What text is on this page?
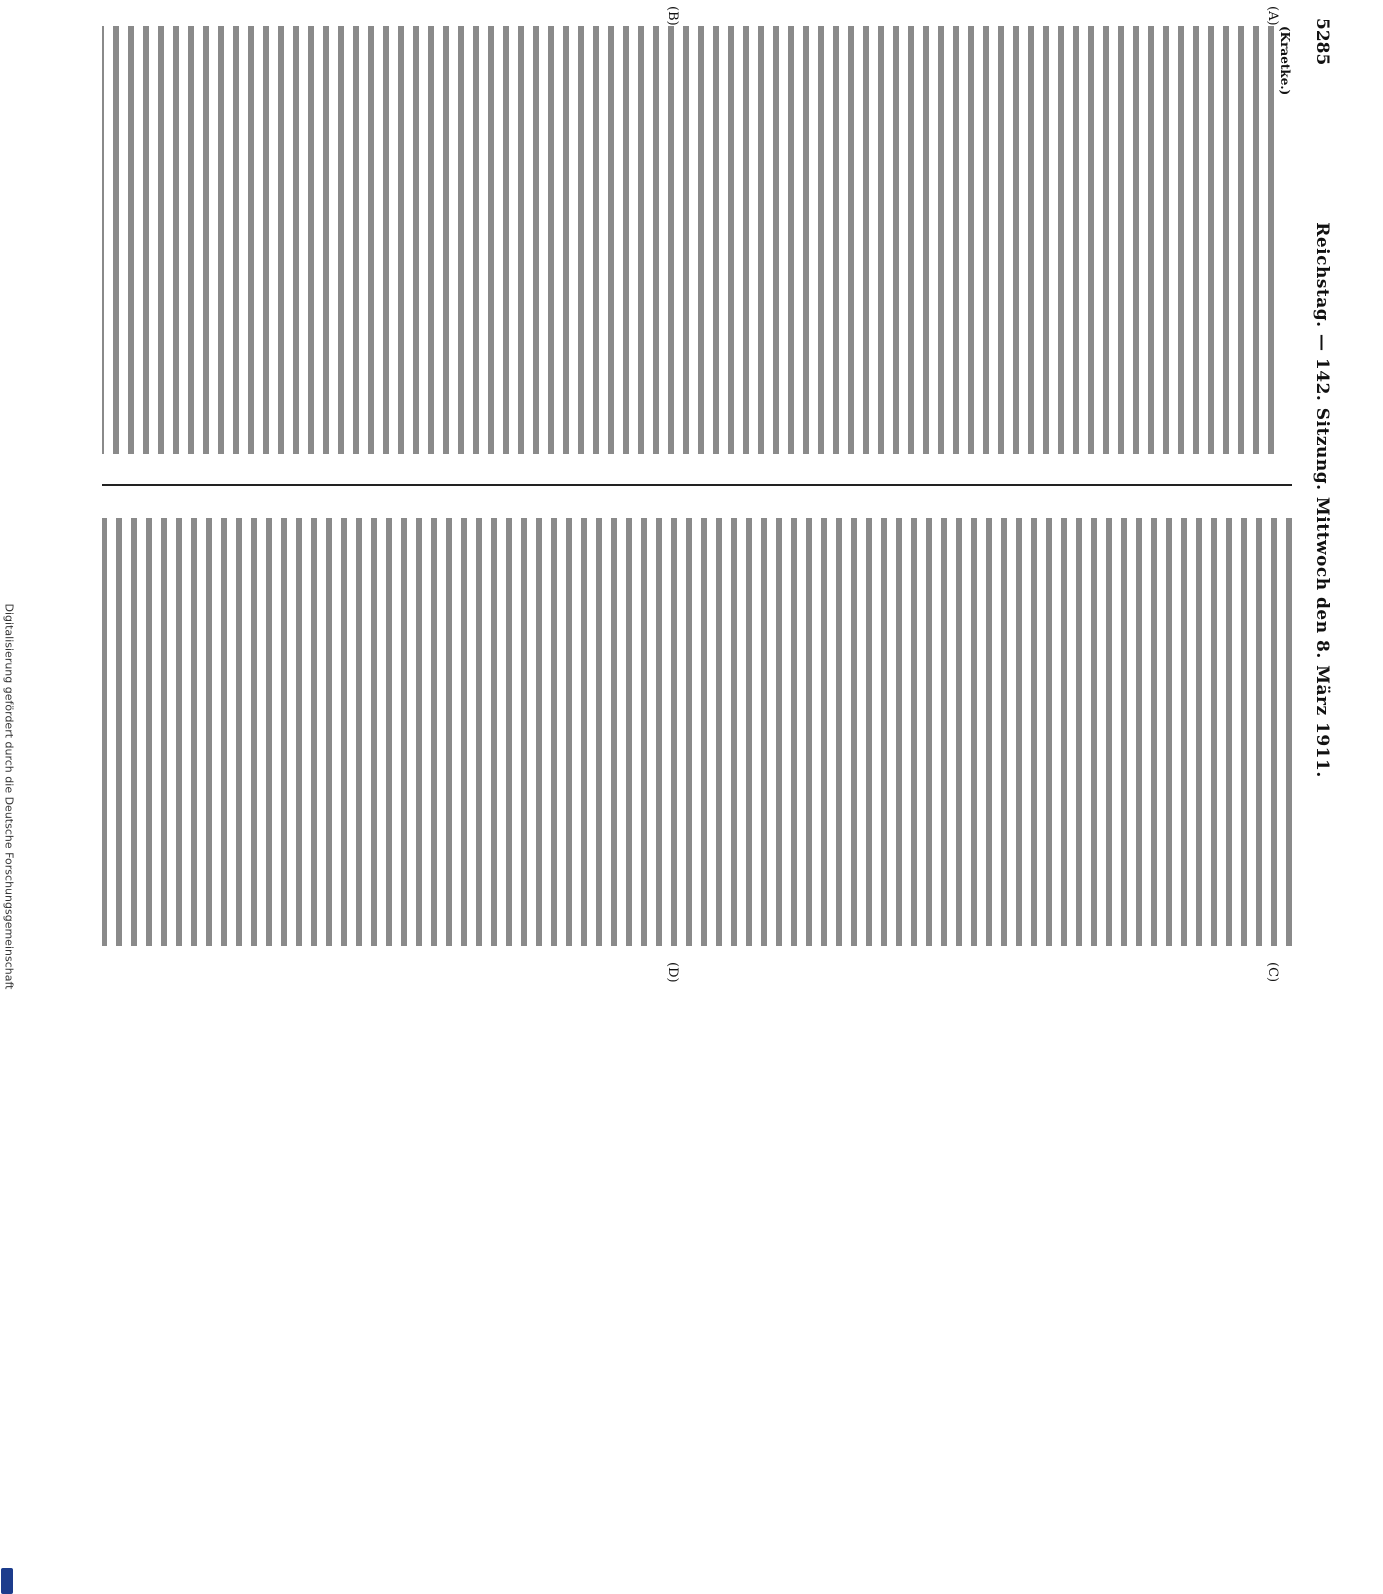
Digitalisierung gefördert durch die Deutsche Forschungsgemeinschaft
5285
Reichstag. — 142. Sitzung. Mittwoch den 8. März 1911.
(Kraetke.)
(A)
(B)
(C)
(D)
